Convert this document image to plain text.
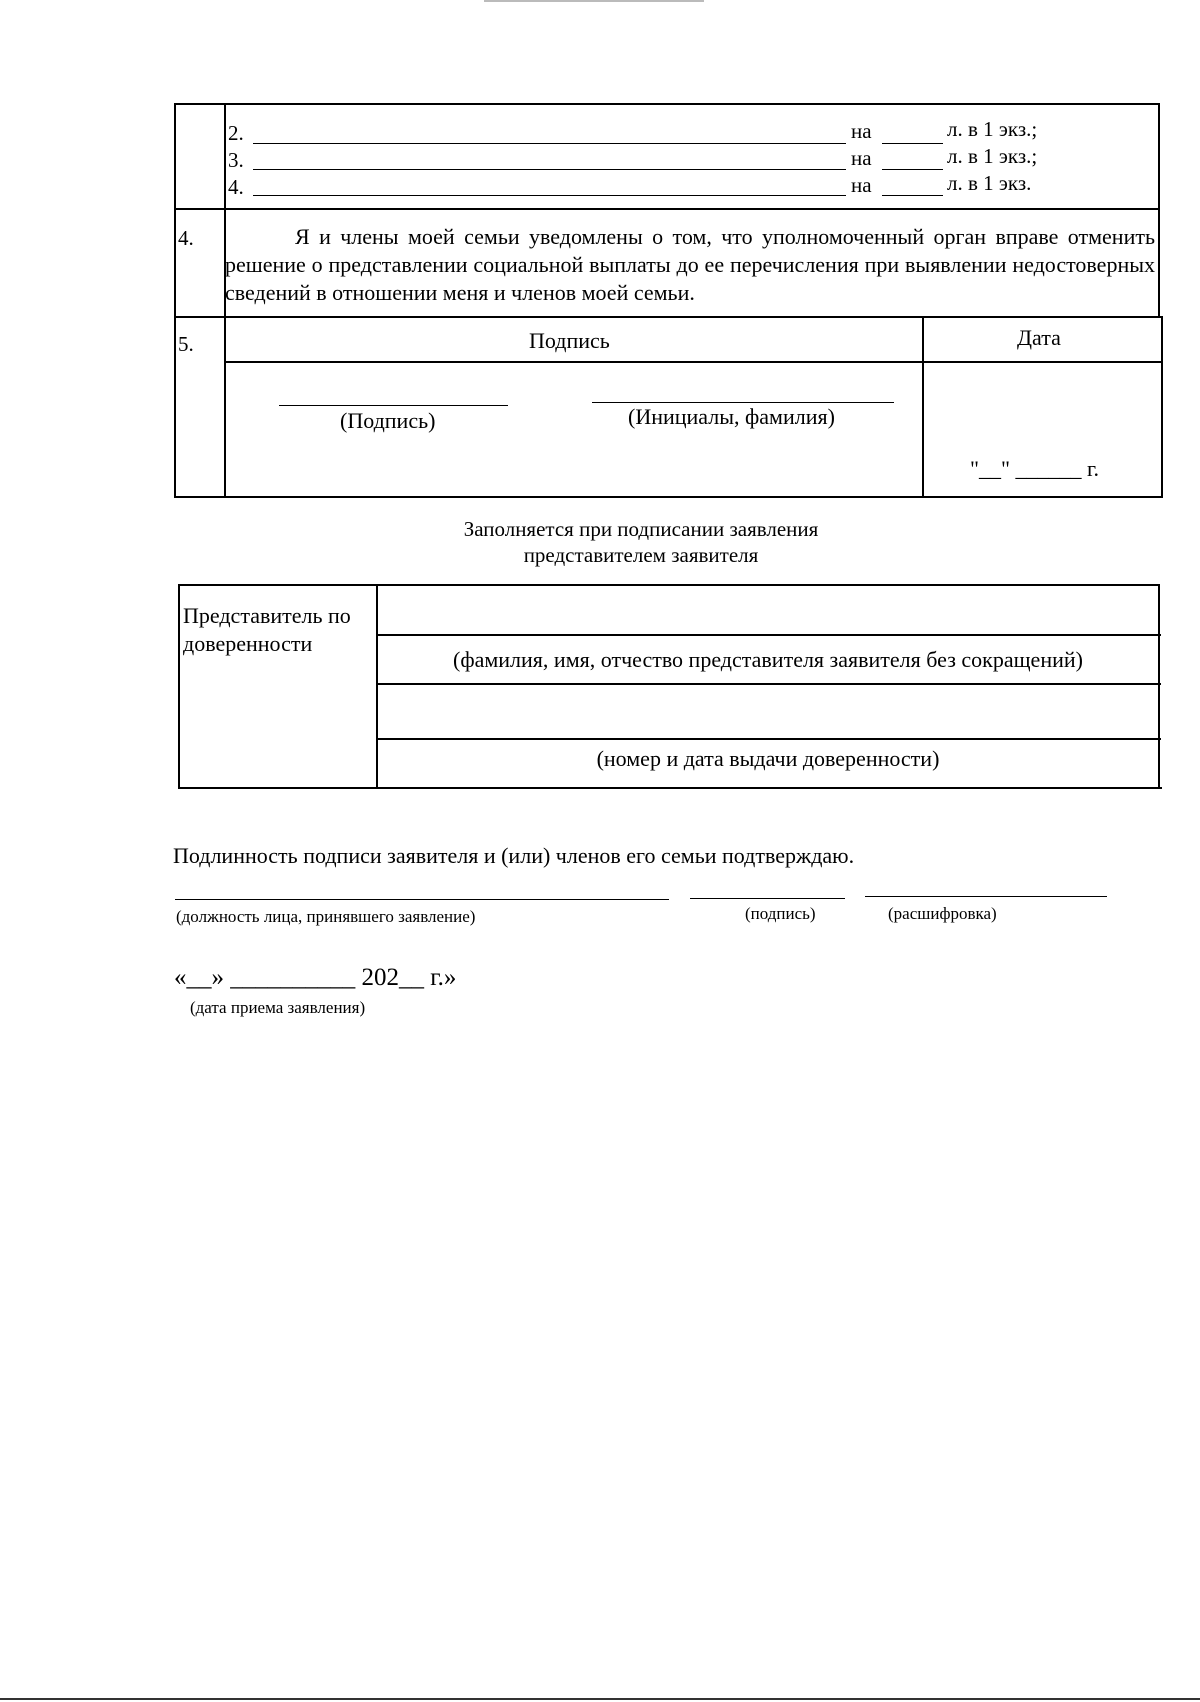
2.	на	л. в 1 экз.;
3.	на	л. в 1 экз.;
4.	на	л. в 1 экз.
4.	Я и члены моей семьи уведомлены о том, что уполномоченный орган вправе отменить решение о представлении социальной выплаты до ее перечисления при выявлении недостоверных сведений в отношении меня и членов моей семьи.
5.	Подпись	Дата
(Подпись)	(Инициалы, фамилия)
"__" ______ г.
Заполняется при подписании заявления
представителем заявителя
Представитель по доверенности
(фамилия, имя, отчество представителя заявителя без сокращений)
(номер и дата выдачи доверенности)
Подлинность подписи заявителя и (или) членов его семьи подтверждаю.
(должность лица, принявшего заявление)	(подпись)	(расшифровка)
«__» __________ 202__ г.»
(дата приема заявления)
